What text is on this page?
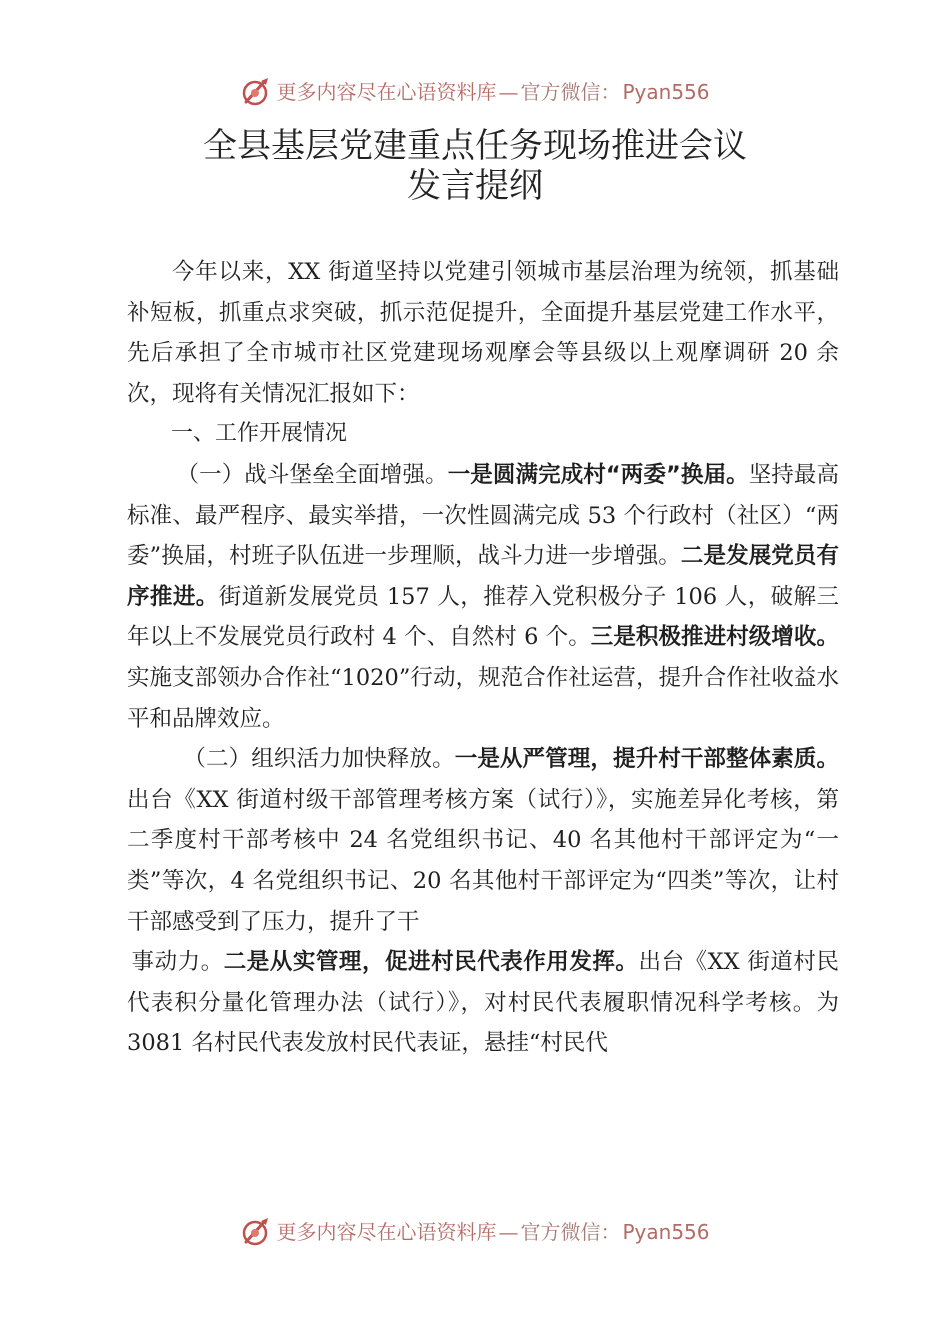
更多内容尽在心语资料库 — 官方微信： Pyan556
全县基层党建重点任务现场推进会议
发言提纲

今年以来，XX 街道坚持以党建引领城市基层治理为统领，抓基础补短板，抓重点求突破，抓示范促提升，全面提升基层党建工作水平，先后承担了全市城市社区党建现场观摩会等县级以上观摩调研 20 余次，现将有关情况汇报如下：

一、工作开展情况

（一）战斗堡垒全面增强。一是圆满完成村“两委”换届。坚持最高标准、最严程序、最实举措，一次性圆满完成 53 个行政村（社区）“两委”换届，村班子队伍进一步理顺，战斗力进一步增强。二是发展党员有序推进。街道新发展党员 157 人，推荐入党积极分子 106 人，破解三年以上不发展党员行政村 4 个、自然村 6 个。三是积极推进村级增收。实施支部领办合作社“1020”行动，规范合作社运营，提升合作社收益水平和品牌效应。

（二）组织活力加快释放。一是从严管理，提升村干部整体素质。出台《XX 街道村级干部管理考核方案（试行）》，实施差异化考核，第二季度村干部考核中 24 名党组织书记、40 名其他村干部评定为“一类”等次，4 名党组织书记、20 名其他村干部评定为“四类”等次，让村干部感受到了压力，提升了干

事动力。二是从实管理，促进村民代表作用发挥。出台《XX 街道村民代表积分量化管理办法（试行）》，对村民代表履职情况科学考核。为 3081 名村民代表发放村民代表证，悬挂“村民代

更多内容尽在心语资料库 — 官方微信： Pyan556
